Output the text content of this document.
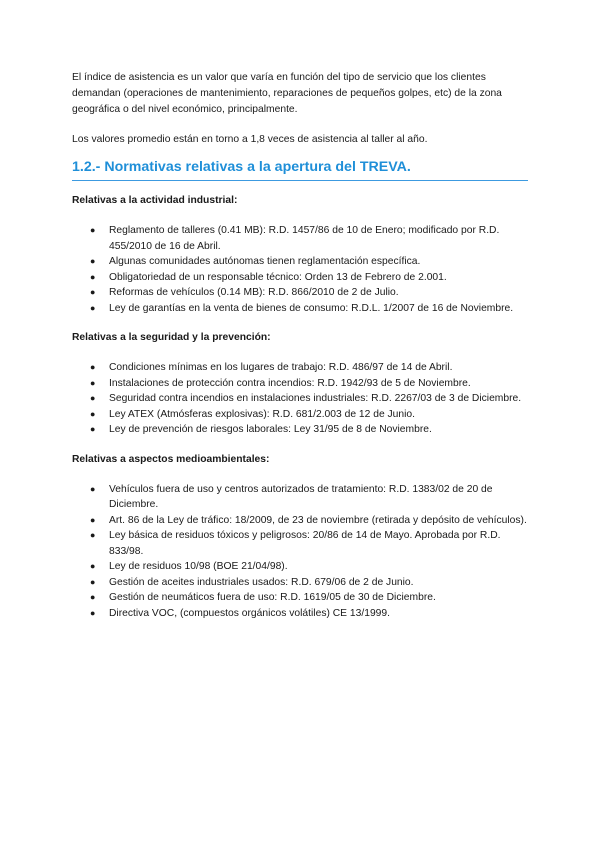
El índice de asistencia es un valor que varía en función del tipo de servicio que los clientes demandan (operaciones de mantenimiento, reparaciones de pequeños golpes, etc) de la zona geográfica o del nivel económico, principalmente.

Los valores promedio están en torno a 1,8 veces de asistencia al taller al año.

1.2.- Normativas relativas a la apertura del TREVA.
Relativas a la actividad industrial:
● Reglamento de talleres (0.41 MB): R.D. 1457/86 de 10 de Enero; modificado por R.D. 455/2010 de 16 de Abril.
● Algunas comunidades autónomas tienen reglamentación específica.
● Obligatoriedad de un responsable técnico: Orden 13 de Febrero de 2.001.
● Reformas de vehículos (0.14 MB): R.D. 866/2010 de 2 de Julio.
● Ley de garantías en la venta de bienes de consumo: R.D.L. 1/2007 de 16 de Noviembre.
Relativas a la seguridad y la prevención:
● Condiciones mínimas en los lugares de trabajo: R.D. 486/97 de 14 de Abril.
● Instalaciones de protección contra incendios: R.D. 1942/93 de 5 de Noviembre.
● Seguridad contra incendios en instalaciones industriales: R.D. 2267/03 de 3 de Diciembre.
● Ley ATEX (Atmósferas explosivas): R.D. 681/2.003 de 12 de Junio.
● Ley de prevención de riesgos laborales: Ley 31/95 de 8 de Noviembre.
Relativas a aspectos medioambientales:
● Vehículos fuera de uso y centros autorizados de tratamiento: R.D. 1383/02 de 20 de Diciembre.
● Art. 86 de la Ley de tráfico: 18/2009, de 23 de noviembre (retirada y depósito de vehículos).
● Ley básica de residuos tóxicos y peligrosos: 20/86 de 14 de Mayo. Aprobada por R.D. 833/98.
● Ley de residuos 10/98 (BOE 21/04/98).
● Gestión de aceites industriales usados: R.D. 679/06 de 2 de Junio.
● Gestión de neumáticos fuera de uso: R.D. 1619/05 de 30 de Diciembre.
● Directiva VOC, (compuestos orgánicos volátiles) CE 13/1999.
